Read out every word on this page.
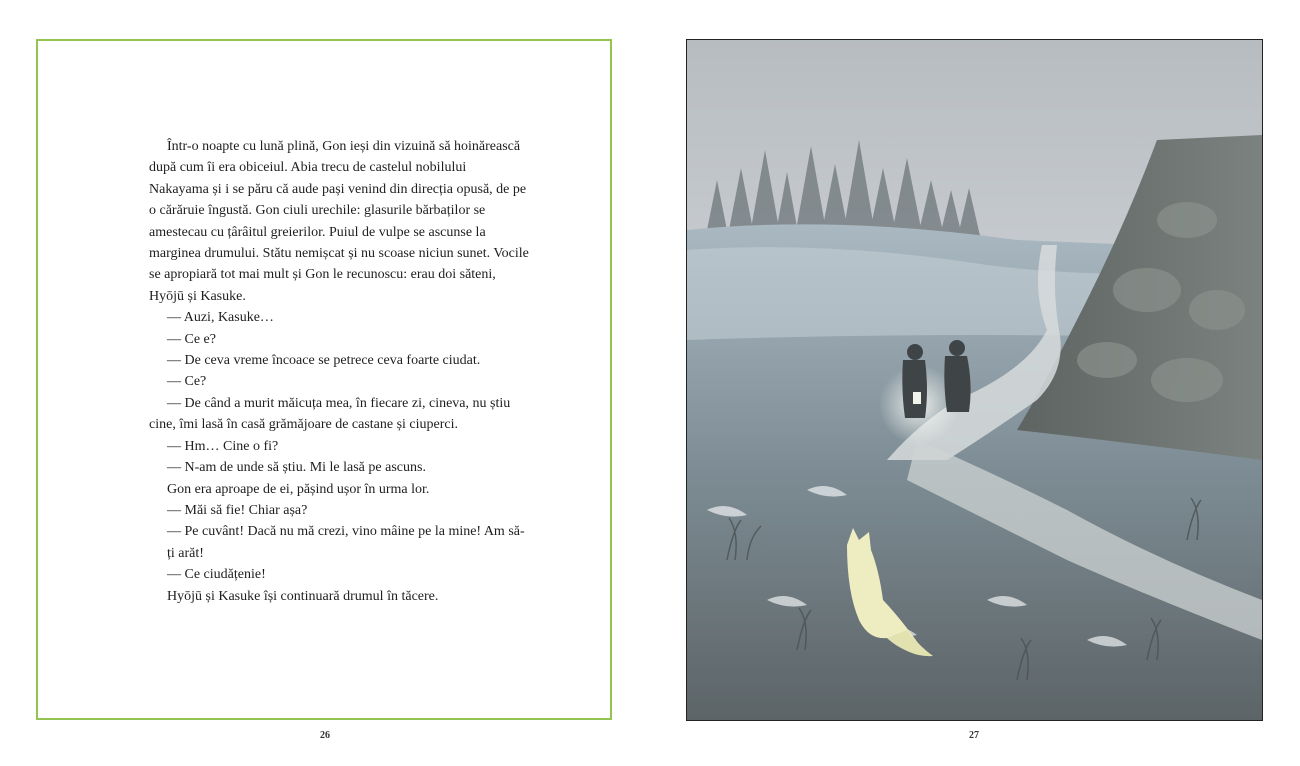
Într-o noapte cu lună plină, Gon ieși din vizuină să hoinărească după cum îi era obiceiul. Abia trecu de castelul nobilului Nakayama și i se păru că aude pași venind din direcția opusă, de pe o cărăruie îngustă. Gon ciuli urechile: glasurile bărbaților se amestecau cu țârâitul greierilor. Puiul de vulpe se ascunse la marginea drumului. Stătu nemișcat și nu scoase niciun sunet. Vocile se apropiară tot mai mult și Gon le recunoscu: erau doi săteni, Hyōjū și Kasuke.

— Auzi, Kasuke…

— Ce e?

— De ceva vreme încoace se petrece ceva foarte ciudat.

— Ce?

— De când a murit măicuța mea, în fiecare zi, cineva, nu știu cine, îmi lasă în casă grămăjoare de castane și ciuperci.

— Hm… Cine o fi?

— N-am de unde să știu. Mi le lasă pe ascuns.

Gon era aproape de ei, pășind ușor în urma lor.

— Măi să fie! Chiar așa?

— Pe cuvânt! Dacă nu mă crezi, vino mâine pe la mine! Am să-ți arăt!

— Ce ciudățenie!

Hyōjū și Kasuke își continuară drumul în tăcere.

26	27
